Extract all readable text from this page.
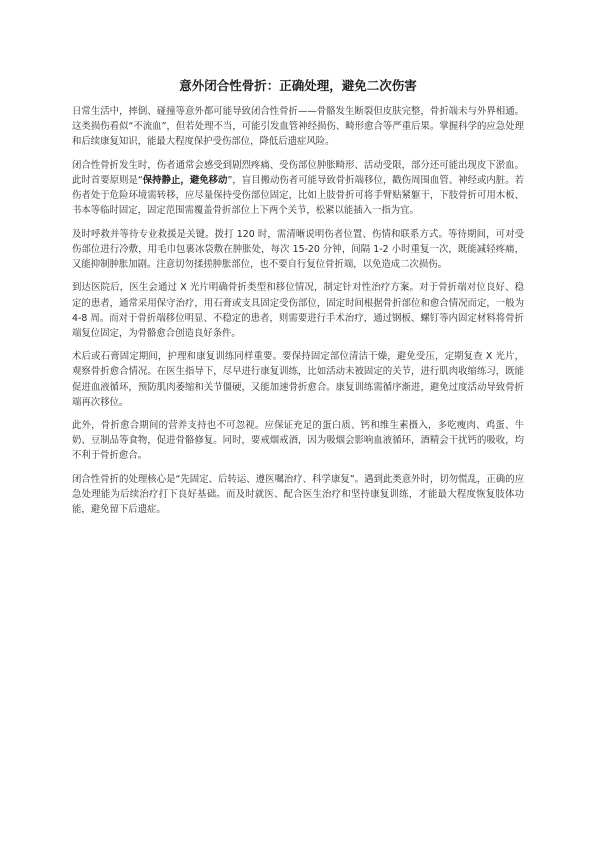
意外闭合性骨折：正确处理，避免二次伤害

日常生活中，摔倒、碰撞等意外都可能导致闭合性骨折——骨骼发生断裂但皮肤完整，骨折端未与外界相通。这类损伤看似“不流血”，但若处理不当，可能引发血管神经损伤、畸形愈合等严重后果。掌握科学的应急处理和后续康复知识，能最大程度保护受伤部位，降低后遗症风险。

闭合性骨折发生时，伤者通常会感受到剧烈疼痛、受伤部位肿胀畸形、活动受限，部分还可能出现皮下淤血。此时首要原则是“保持静止，避免移动”，盲目搬动伤者可能导致骨折端移位，戳伤周围血管、神经或内脏。若伤者处于危险环境需转移，应尽量保持受伤部位固定，比如上肢骨折可将手臂贴紧躯干，下肢骨折可用木板、书本等临时固定，固定范围需覆盖骨折部位上下两个关节，松紧以能插入一指为宜。

及时呼救并等待专业救援是关键。拨打 120 时，需清晰说明伤者位置、伤情和联系方式。等待期间，可对受伤部位进行冷敷，用毛巾包裹冰袋敷在肿胀处，每次 15-20 分钟，间隔 1-2 小时重复一次，既能减轻疼痛，又能抑制肿胀加剧。注意切勿揉搓肿胀部位，也不要自行复位骨折端，以免造成二次损伤。

到达医院后，医生会通过 X 光片明确骨折类型和移位情况，制定针对性治疗方案。对于骨折端对位良好、稳定的患者，通常采用保守治疗，用石膏或支具固定受伤部位，固定时间根据骨折部位和愈合情况而定，一般为 4-8 周。而对于骨折端移位明显、不稳定的患者，则需要进行手术治疗，通过钢板、螺钉等内固定材料将骨折端复位固定，为骨骼愈合创造良好条件。

术后或石膏固定期间，护理和康复训练同样重要。要保持固定部位清洁干燥，避免受压，定期复查 X 光片，观察骨折愈合情况。在医生指导下，尽早进行康复训练，比如活动未被固定的关节，进行肌肉收缩练习，既能促进血液循环，预防肌肉萎缩和关节僵硬，又能加速骨折愈合。康复训练需循序渐进，避免过度活动导致骨折端再次移位。

此外，骨折愈合期间的营养支持也不可忽视。应保证充足的蛋白质、钙和维生素摄入，多吃瘦肉、鸡蛋、牛奶、豆制品等食物，促进骨骼修复。同时，要戒烟戒酒，因为吸烟会影响血液循环，酒精会干扰钙的吸收，均不利于骨折愈合。

闭合性骨折的处理核心是“先固定、后转运、遵医嘱治疗、科学康复”。遇到此类意外时，切勿慌乱，正确的应急处理能为后续治疗打下良好基础。而及时就医、配合医生治疗和坚持康复训练，才能最大程度恢复肢体功能，避免留下后遗症。
